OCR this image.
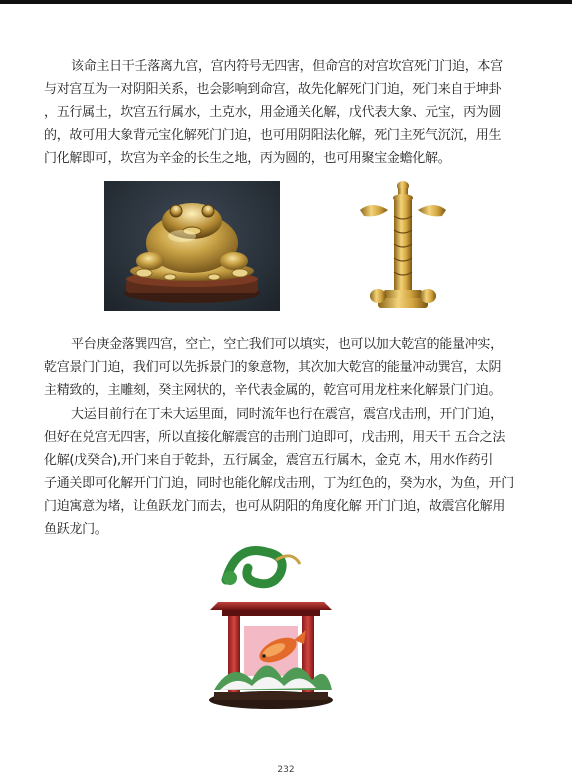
该命主日干壬落离九宫，宫内符号无四害，但命宫的对宫坎宫死门门迫，本宫
与对宫互为一对阴阳关系，也会影响到命宫，故先化解死门门迫，死门来自于坤卦
，五行属土，坎宫五行属水，土克水，用金通关化解，戊代表大象、元宝，丙为圆
的，故可用大象背元宝化解死门门迫，也可用阴阳法化解，死门主死气沉沉，用生
门化解即可，坎宫为辛金的长生之地，丙为圆的，也可用聚宝金蟾化解。
平台庚金落巽四宫，空亡，空亡我们可以填实，也可以加大乾宫的能量冲实，
乾宫景门门迫，我们可以先拆景门的象意物，其次加大乾宫的能量冲动巽宫，太阴
主精致的，主雕刻，癸主网状的，辛代表金属的，乾宫可用龙柱来化解景门门迫。
大运目前行在丁未大运里面，同时流年也行在震宫，震宫戊击刑，开门门迫，
但好在兑宫无四害，所以直接化解震宫的击刑门迫即可，戊击刑，用天干 五合之法
化解(戊癸合),开门来自于乾卦，五行属金，震宫五行属木，金克 木，用水作药引
子通关即可化解开门门迫，同时也能化解戊击刑，丁为红色的，癸为水，为鱼，开门
门迫寓意为堵，让鱼跃龙门而去，也可从阴阳的角度化解 开门门迫，故震宫化解用
鱼跃龙门。
232
